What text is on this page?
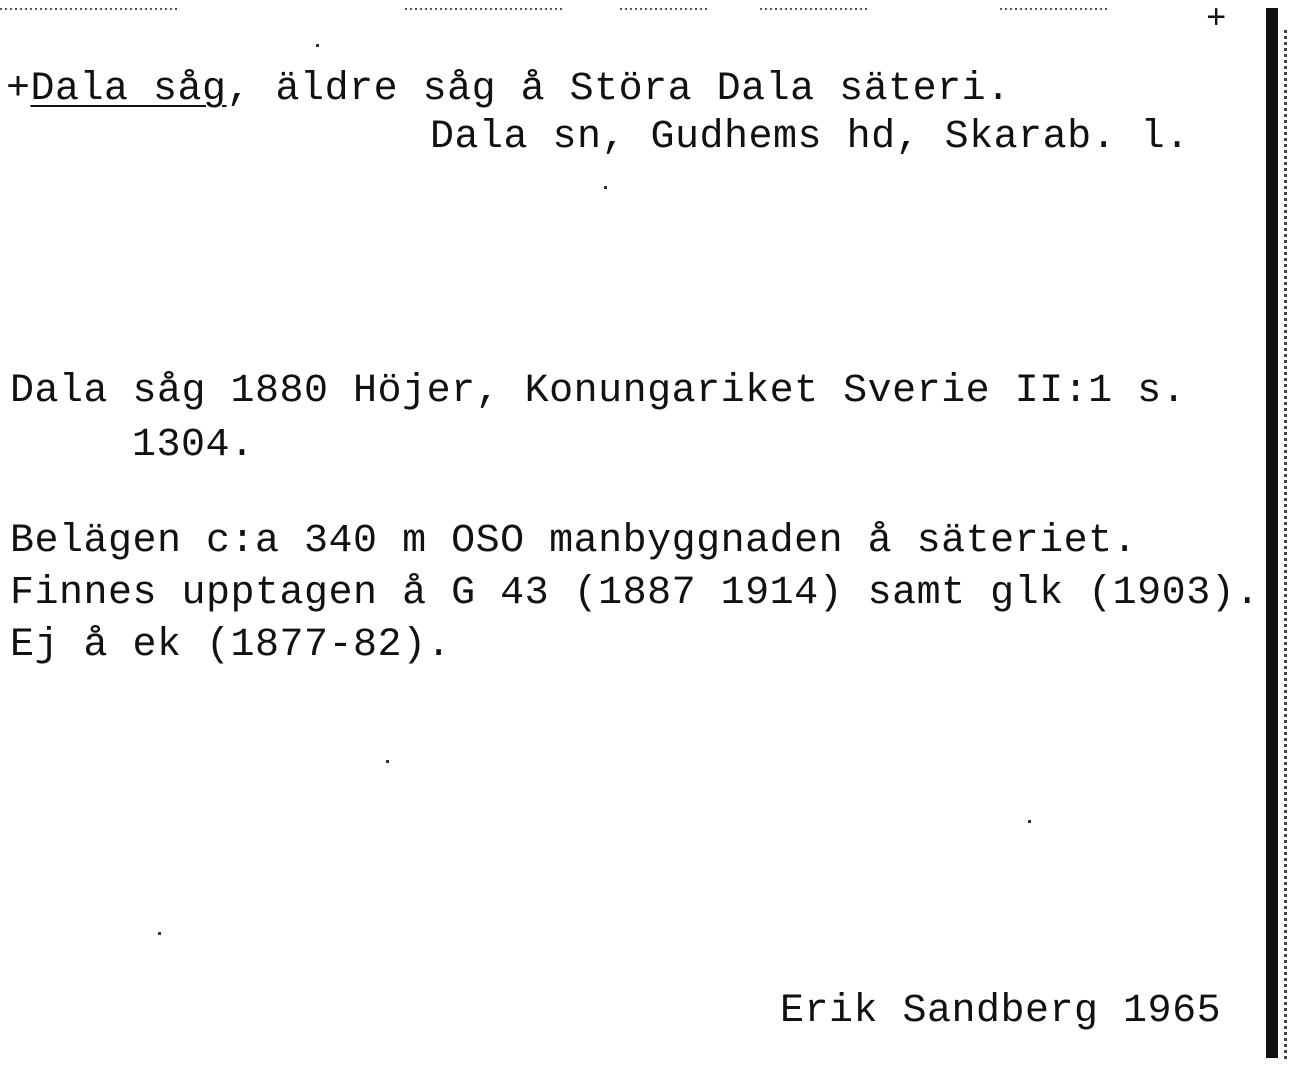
+
+Dala såg, äldre såg å Störa Dala säteri.
Dala sn, Gudhems hd, Skarab. l.
Dala såg 1880 Höjer, Konungariket Sverie II:1 s.
1304.
Belägen c:a 340 m OSO manbyggnaden å säteriet.
Finnes upptagen å G 43 (1887 1914) samt glk (1903).
Ej å ek (1877-82).
Erik Sandberg 1965
